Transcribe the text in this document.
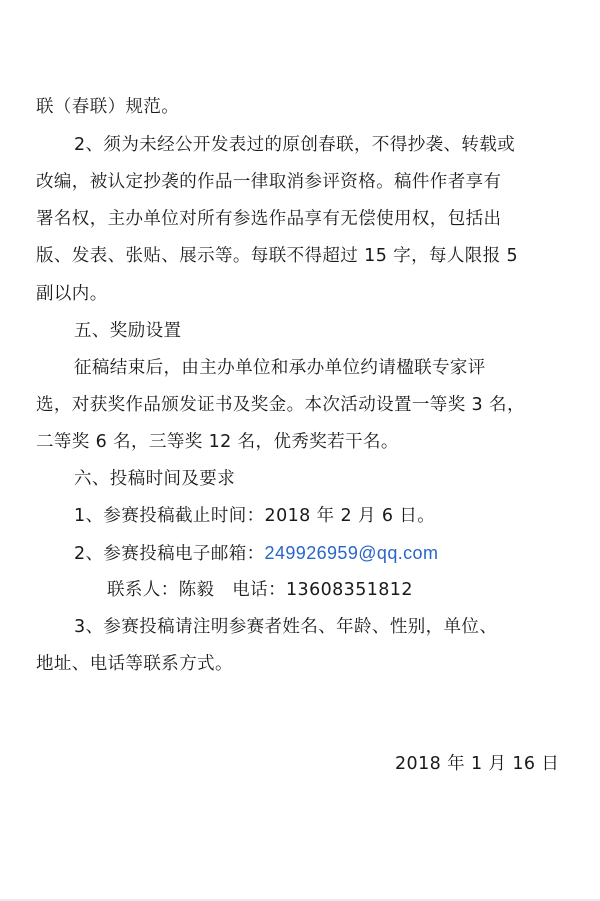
联（春联）规范。
2、须为未经公开发表过的原创春联，不得抄袭、转载或
改编，被认定抄袭的作品一律取消参评资格。稿件作者享有
署名权，主办单位对所有参选作品享有无偿使用权，包括出
版、发表、张贴、展示等。每联不得超过 15 字，每人限报 5
副以内。
五、奖励设置
征稿结束后，由主办单位和承办单位约请楹联专家评
选，对获奖作品颁发证书及奖金。本次活动设置一等奖 3 名，
二等奖 6 名，三等奖 12 名，优秀奖若干名。
六、投稿时间及要求
1、参赛投稿截止时间：2018 年 2 月 6 日。
2、参赛投稿电子邮箱：249926959@qq.com
联系人：陈毅　电话：13608351812
3、参赛投稿请注明参赛者姓名、年龄、性别，单位、
地址、电话等联系方式。
2018 年 1 月 16 日
